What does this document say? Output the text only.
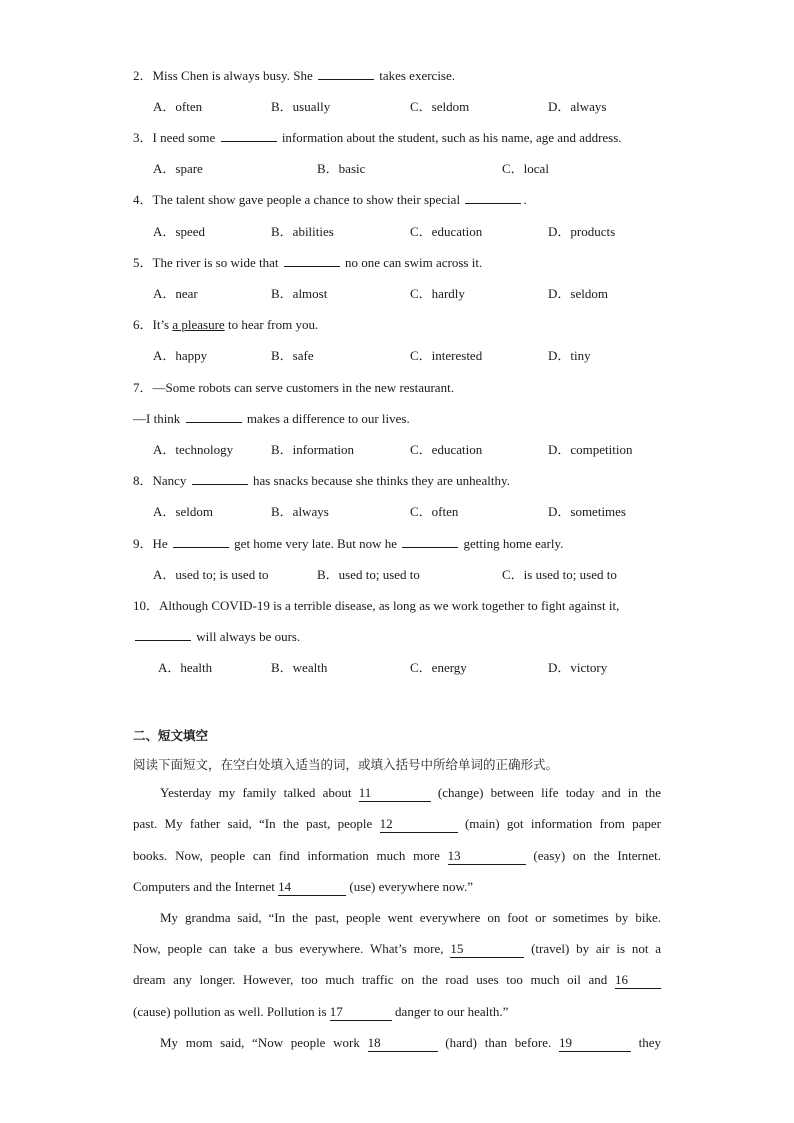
2．Miss Chen is always busy. She	takes exercise.
A．often	B．usually	C．seldom	D．always
3．I need some	information about the student, such as his name, age and address.
A．spare	B．basic	C．local
4．The talent show gave people a chance to show their special	.
A．speed	B．abilities	C．education	D．products
5．The river is so wide that	no one can swim across it.
A．near	B．almost	C．hardly	D．seldom
6．It’s a pleasure to hear from you.
A．happy	B．safe	C．interested	D．tiny
7．—Some robots can serve customers in the new restaurant.
—I think	makes a difference to our lives.
A．technology	B．information	C．education	D．competition
8．Nancy	has snacks because she thinks they are unhealthy.
A．seldom	B．always	C．often	D．sometimes
9．He	get home very late. But now he	getting home early.
A．used to; is used to	B．used to; used to	C．is used to; used to
10．Although COVID-19 is a terrible disease, as long as we work together to fight against it,
will always be ours.
A．health	B．wealth	C．energy	D．victory
二、短文填空
阅读下面短文，在空白处填入适当的词，或填入括号中所给单词的正确形式。
Yesterday my family talked about 11	(change) between life today and in the
past. My father said, “In the past, people 12	(main) got information from paper
books. Now, people can find information much more 13	(easy) on the Internet.
Computers and the Internet 14	(use) everywhere now.”
My grandma said, “In the past, people went everywhere on foot or sometimes by bike.
Now, people can take a bus everywhere. What’s more, 15	(travel) by air is not a
dream any longer. However, too much traffic on the road uses too much oil and 16
(cause) pollution as well. Pollution is 17	danger to our health.”
My mom said, “Now people work 18	(hard) than before. 19	they
